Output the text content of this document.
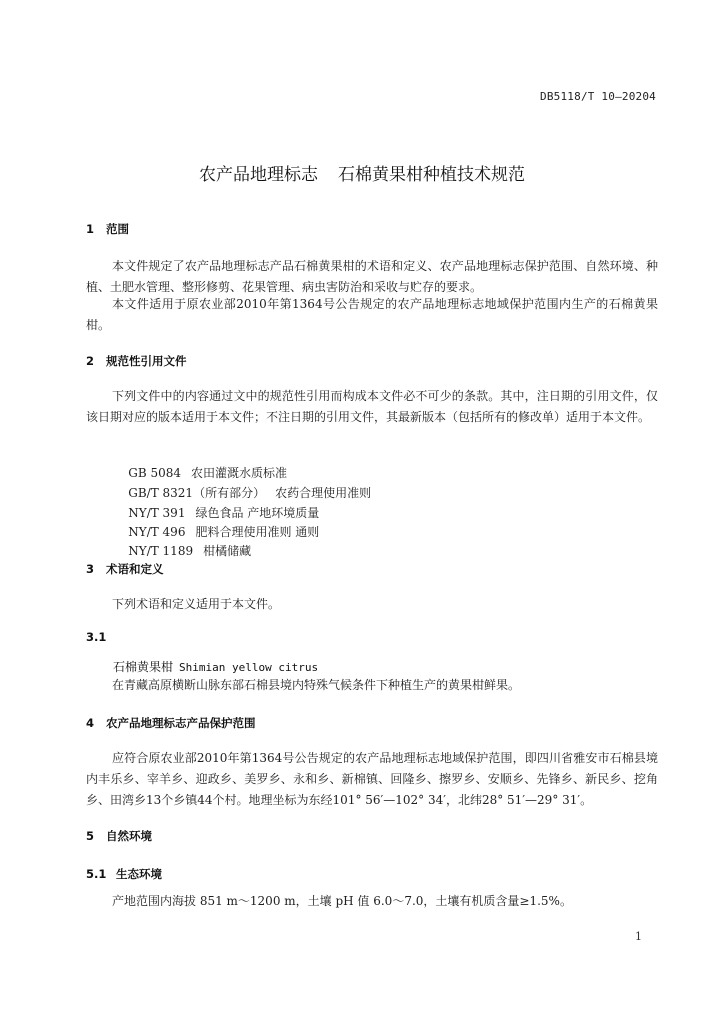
DB5118/T 10—20204
农产品地理标志 石棉黄果柑种植技术规范
1 范围
本文件规定了农产品地理标志产品石棉黄果柑的术语和定义、农产品地理标志保护范围、自然环境、种植、土肥水管理、整形修剪、花果管理、病虫害防治和采收与贮存的要求。
本文件适用于原农业部2010年第1364号公告规定的农产品地理标志地域保护范围内生产的石棉黄果柑。
2 规范性引用文件
下列文件中的内容通过文中的规范性引用而构成本文件必不可少的条款。其中，注日期的引用文件，仅该日期对应的版本适用于本文件；不注日期的引用文件，其最新版本（包括所有的修改单）适用于本文件。

GB 5084 农田灌溉水质标准

GB/T 8321（所有部分） 农药合理使用准则

NY/T 391 绿色食品 产地环境质量

NY/T 496 肥料合理使用准则 通则

NY/T 1189 柑橘储藏

3 术语和定义
下列术语和定义适用于本文件。
3.1
石棉黄果柑 Shimian yellow citrus
在青藏高原横断山脉东部石棉县境内特殊气候条件下种植生产的黄果柑鲜果。
4 农产品地理标志产品保护范围
应符合原农业部2010年第1364号公告规定的农产品地理标志地域保护范围，即四川省雅安市石棉县境内丰乐乡、宰羊乡、迎政乡、美罗乡、永和乡、新棉镇、回隆乡、擦罗乡、安顺乡、先锋乡、新民乡、挖角乡、田湾乡13个乡镇44个村。地理坐标为东经101° 56′—102° 34′，北纬28° 51′—29° 31′。
5 自然环境
5.1 生态环境
产地范围内海拔 851 m～1200 m，土壤 pH 值 6.0～7.0，土壤有机质含量≥1.5%。
1
